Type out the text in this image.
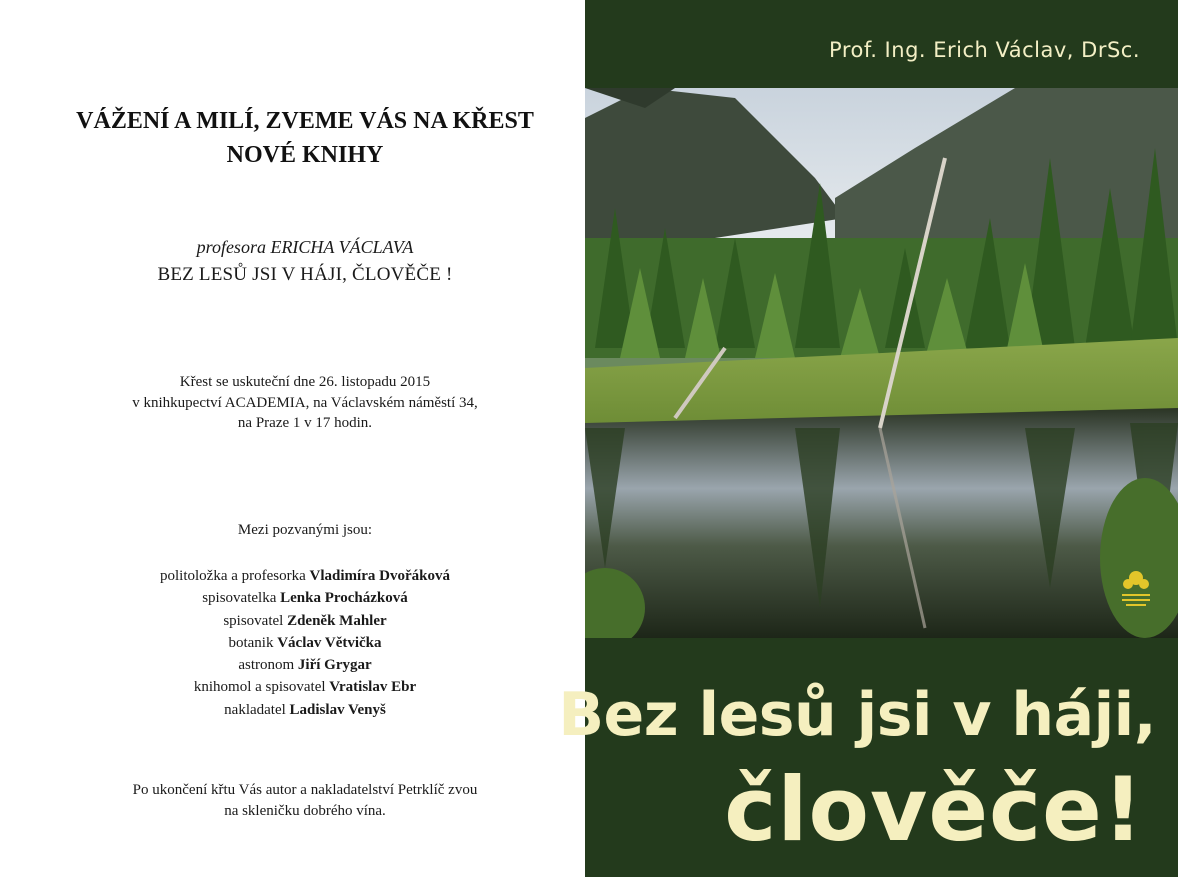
VÁŽENÍ A MILÍ, ZVEME VÁS NA KŘEST
NOVÉ KNIHY
profesora ERICHA VÁCLAVA
BEZ LESŮ JSI V HÁJI, ČLOVĚČE !
Křest se uskuteční dne 26. listopadu 2015
v knihkupectví ACADEMIA, na Václavském náměstí 34,
na Praze 1 v 17 hodin.
Mezi pozvanými jsou:
politoložka a profesorka Vladimíra Dvořáková
spisovatelka Lenka Procházková
spisovatel Zdeněk Mahler
botanik Václav Větvička
astronom Jiří Grygar
knihomol a spisovatel Vratislav Ebr
nakladatel Ladislav Venyš
Po ukončení křtu Vás autor a nakladatelství Petrklíč zvou
na skleničku dobrého vína.
Prof. Ing. Erich Václav, DrSc.
Bez lesů jsi v háji,
člověče!
